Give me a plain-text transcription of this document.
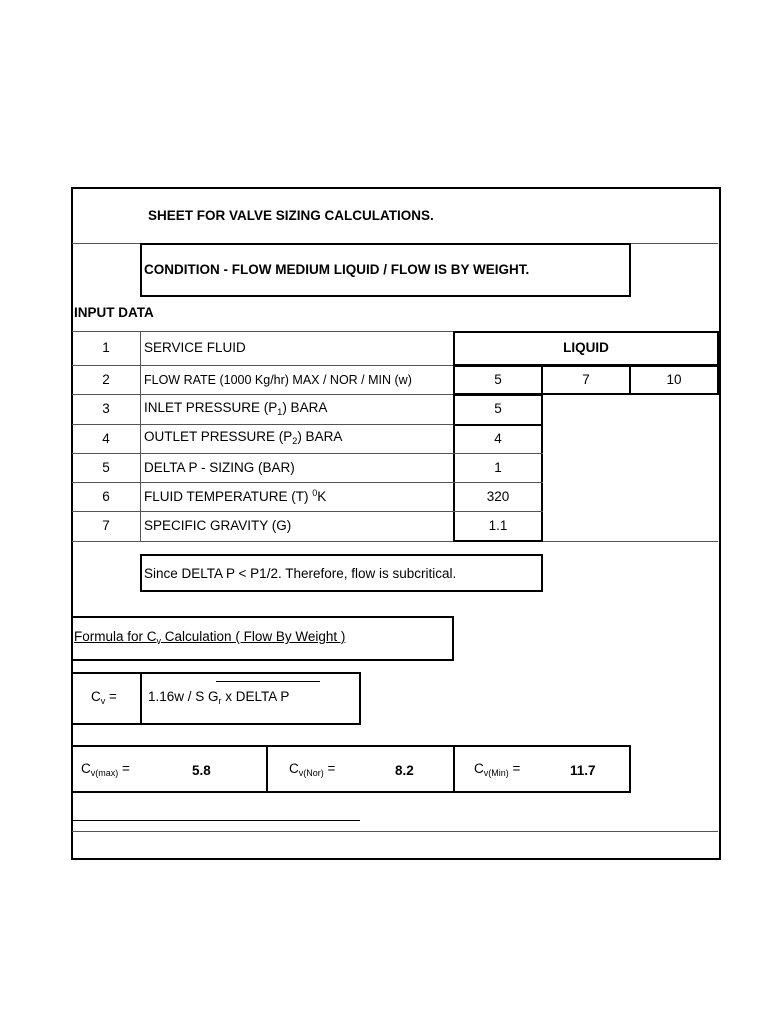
SHEET FOR VALVE SIZING CALCULATIONS.
CONDITION - FLOW MEDIUM LIQUID / FLOW IS BY WEIGHT.
INPUT DATA
1	SERVICE FLUID	LIQUID
2	FLOW RATE (1000 Kg/hr) MAX / NOR / MIN (w)	5	7	10
3	INLET PRESSURE $(P_1)$ BARA	5
4	OUTLET PRESSURE $(P_2)$ BARA	4
5	DELTA P - SIZING (BAR)	1
6	FLUID TEMPERATURE (T) $^0$K	320
7	SPECIFIC GRAVITY (G)	1.1
Since DELTA P < P1/2. Therefore, flow is subcritical.
Formula for $C_v$ Calculation ( Flow By Weight )
$C_v = 1.16w / S$ $G_r$ x DELTA P
$C_{v(max)}$ =	5.8	$C_{v(Nor)}$ =	8.2	$C_{v(Min)}$ =	11.7
